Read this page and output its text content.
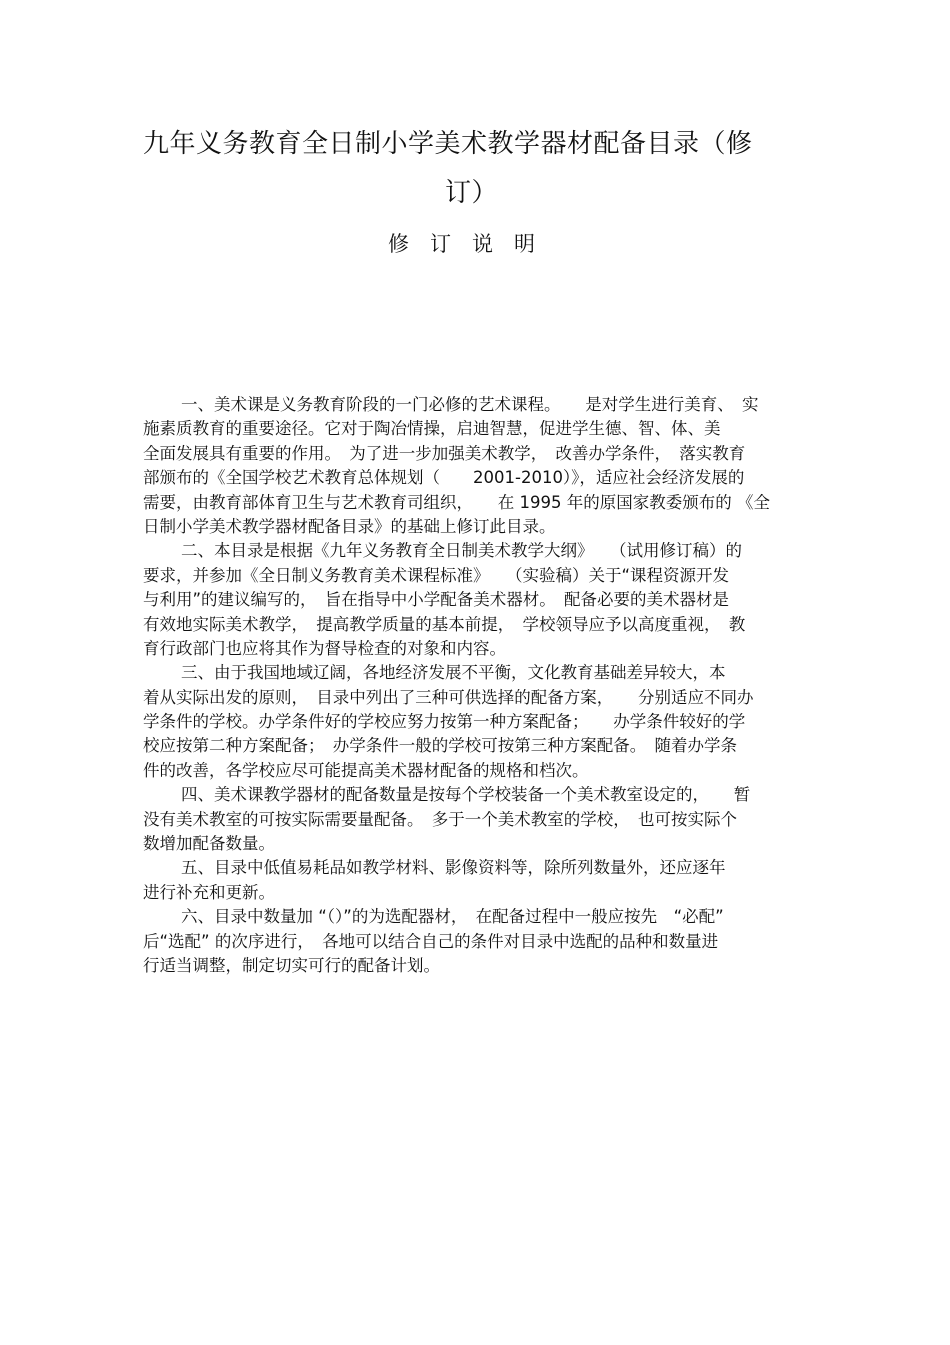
九年义务教育全日制小学美术教学器材配备目录（修
订）
修订说明

一、美术课是义务教育阶段的一门必修的艺术课程。　　是对学生进行美育、　实

施素质教育的重要途径。它对于陶冶情操，启迪智慧，促进学生德、智、体、美

全面发展具有重要的作用。　为了进一步加强美术教学，　改善办学条件，　落实教育

部颁布的《全国学校艺术教育总体规划（　　2001-2010）》，适应社会经济发展的

需要，由教育部体育卫生与艺术教育司组织，　　在 1995 年的原国家教委颁布的 《全

日制小学美术教学器材配备目录》的基础上修订此目录。

二、本目录是根据《九年义务教育全日制美术教学大纲》　　（试用修订稿）的

要求，并参加《全日制义务教育美术课程标准》　　（实验稿）关于“课程资源开发

与利用”的建议编写的，　旨在指导中小学配备美术器材。　配备必要的美术器材是

有效地实际美术教学，　提高教学质量的基本前提，　学校领导应予以高度重视，　教

育行政部门也应将其作为督导检查的对象和内容。

三、由于我国地域辽阔，各地经济发展不平衡，文化教育基础差异较大，本

着从实际出发的原则，　目录中列出了三种可供选择的配备方案，　　分别适应不同办

学条件的学校。办学条件好的学校应努力按第一种方案配备；　　办学条件较好的学

校应按第二种方案配备；　办学条件一般的学校可按第三种方案配备。　随着办学条

件的改善，各学校应尽可能提高美术器材配备的规格和档次。

四、美术课教学器材的配备数量是按每个学校装备一个美术教室设定的，　　暂

没有美术教室的可按实际需要量配备。　多于一个美术教室的学校，　也可按实际个

数增加配备数量。

五、目录中低值易耗品如教学材料、影像资料等，除所列数量外，还应逐年

进行补充和更新。

六、目录中数量加 “（）”的为选配器材，　在配备过程中一般应按先　“必配”

后“选配” 的次序进行，　各地可以结合自己的条件对目录中选配的品种和数量进

行适当调整，制定切实可行的配备计划。
